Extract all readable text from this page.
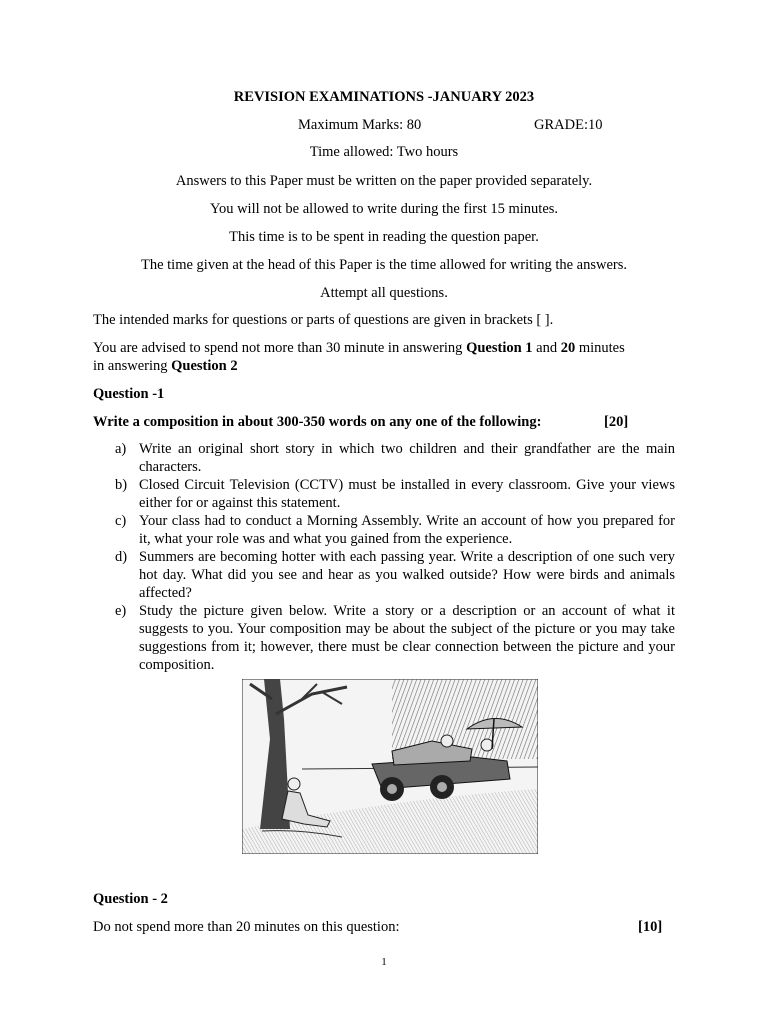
REVISION EXAMINATIONS -JANUARY 2023
Maximum Marks: 80	GRADE:10
Time allowed: Two hours
Answers to this Paper must be written on the paper provided separately.
You will not be allowed to write during the first 15 minutes.
This time is to be spent in reading the question paper.
The time given at the head of this Paper is the time allowed for writing the answers.
Attempt all questions.
The intended marks for questions or parts of questions are given in brackets [ ].
You are advised to spend not more than 30 minute in answering Question 1 and 20 minutes
in answering Question 2
Question -1
Write a composition in about 300-350 words on any one of the following:	[20]
a) Write an original short story in which two children and their grandfather are the main characters.
b) Closed Circuit Television (CCTV) must be installed in every classroom. Give your views either for or against this statement.
c) Your class had to conduct a Morning Assembly. Write an account of how you prepared for it, what your role was and what you gained from the experience.
d) Summers are becoming hotter with each passing year. Write a description of one such very hot day. What did you see and hear as you walked outside? How were birds and animals affected?
e) Study the picture given below. Write a story or a description or an account of what it suggests to you. Your composition may be about the subject of the picture or you may take suggestions from it; however, there must be clear connection between the picture and your composition.
Question - 2
Do not spend more than 20 minutes on this question:	[10]
1
